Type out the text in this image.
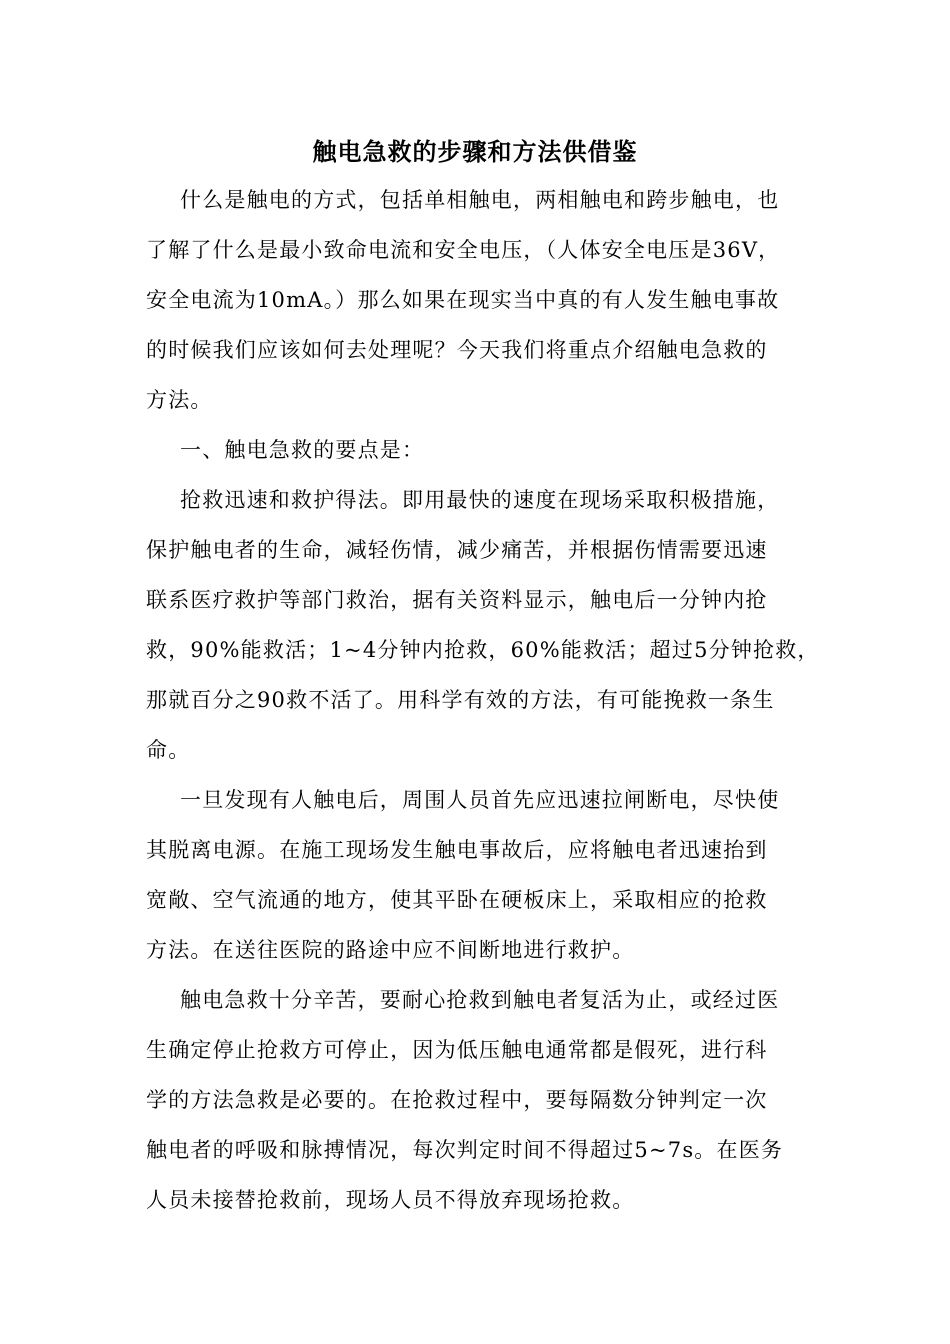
触电急救的步骤和方法供借鉴

什么是触电的方式，包括单相触电，两相触电和跨步触电，也

了解了什么是最小致命电流和安全电压，（人体安全电压是36V，

安全电流为10mA。）那么如果在现实当中真的有人发生触电事故

的时候我们应该如何去处理呢？今天我们将重点介绍触电急救的

方法。

一、触电急救的要点是：

抢救迅速和救护得法。即用最快的速度在现场采取积极措施，

保护触电者的生命，减轻伤情，减少痛苦，并根据伤情需要迅速

联系医疗救护等部门救治，据有关资料显示，触电后一分钟内抢

救，90%能救活；1~4分钟内抢救，60%能救活；超过5分钟抢救，

那就百分之90救不活了。用科学有效的方法，有可能挽救一条生

命。

一旦发现有人触电后，周围人员首先应迅速拉闸断电，尽快使

其脱离电源。在施工现场发生触电事故后，应将触电者迅速抬到

宽敞、空气流通的地方，使其平卧在硬板床上，采取相应的抢救

方法。在送往医院的路途中应不间断地进行救护。

触电急救十分辛苦，要耐心抢救到触电者复活为止，或经过医

生确定停止抢救方可停止，因为低压触电通常都是假死，进行科

学的方法急救是必要的。在抢救过程中，要每隔数分钟判定一次

触电者的呼吸和脉搏情况，每次判定时间不得超过5~7s。在医务

人员未接替抢救前，现场人员不得放弃现场抢救。
